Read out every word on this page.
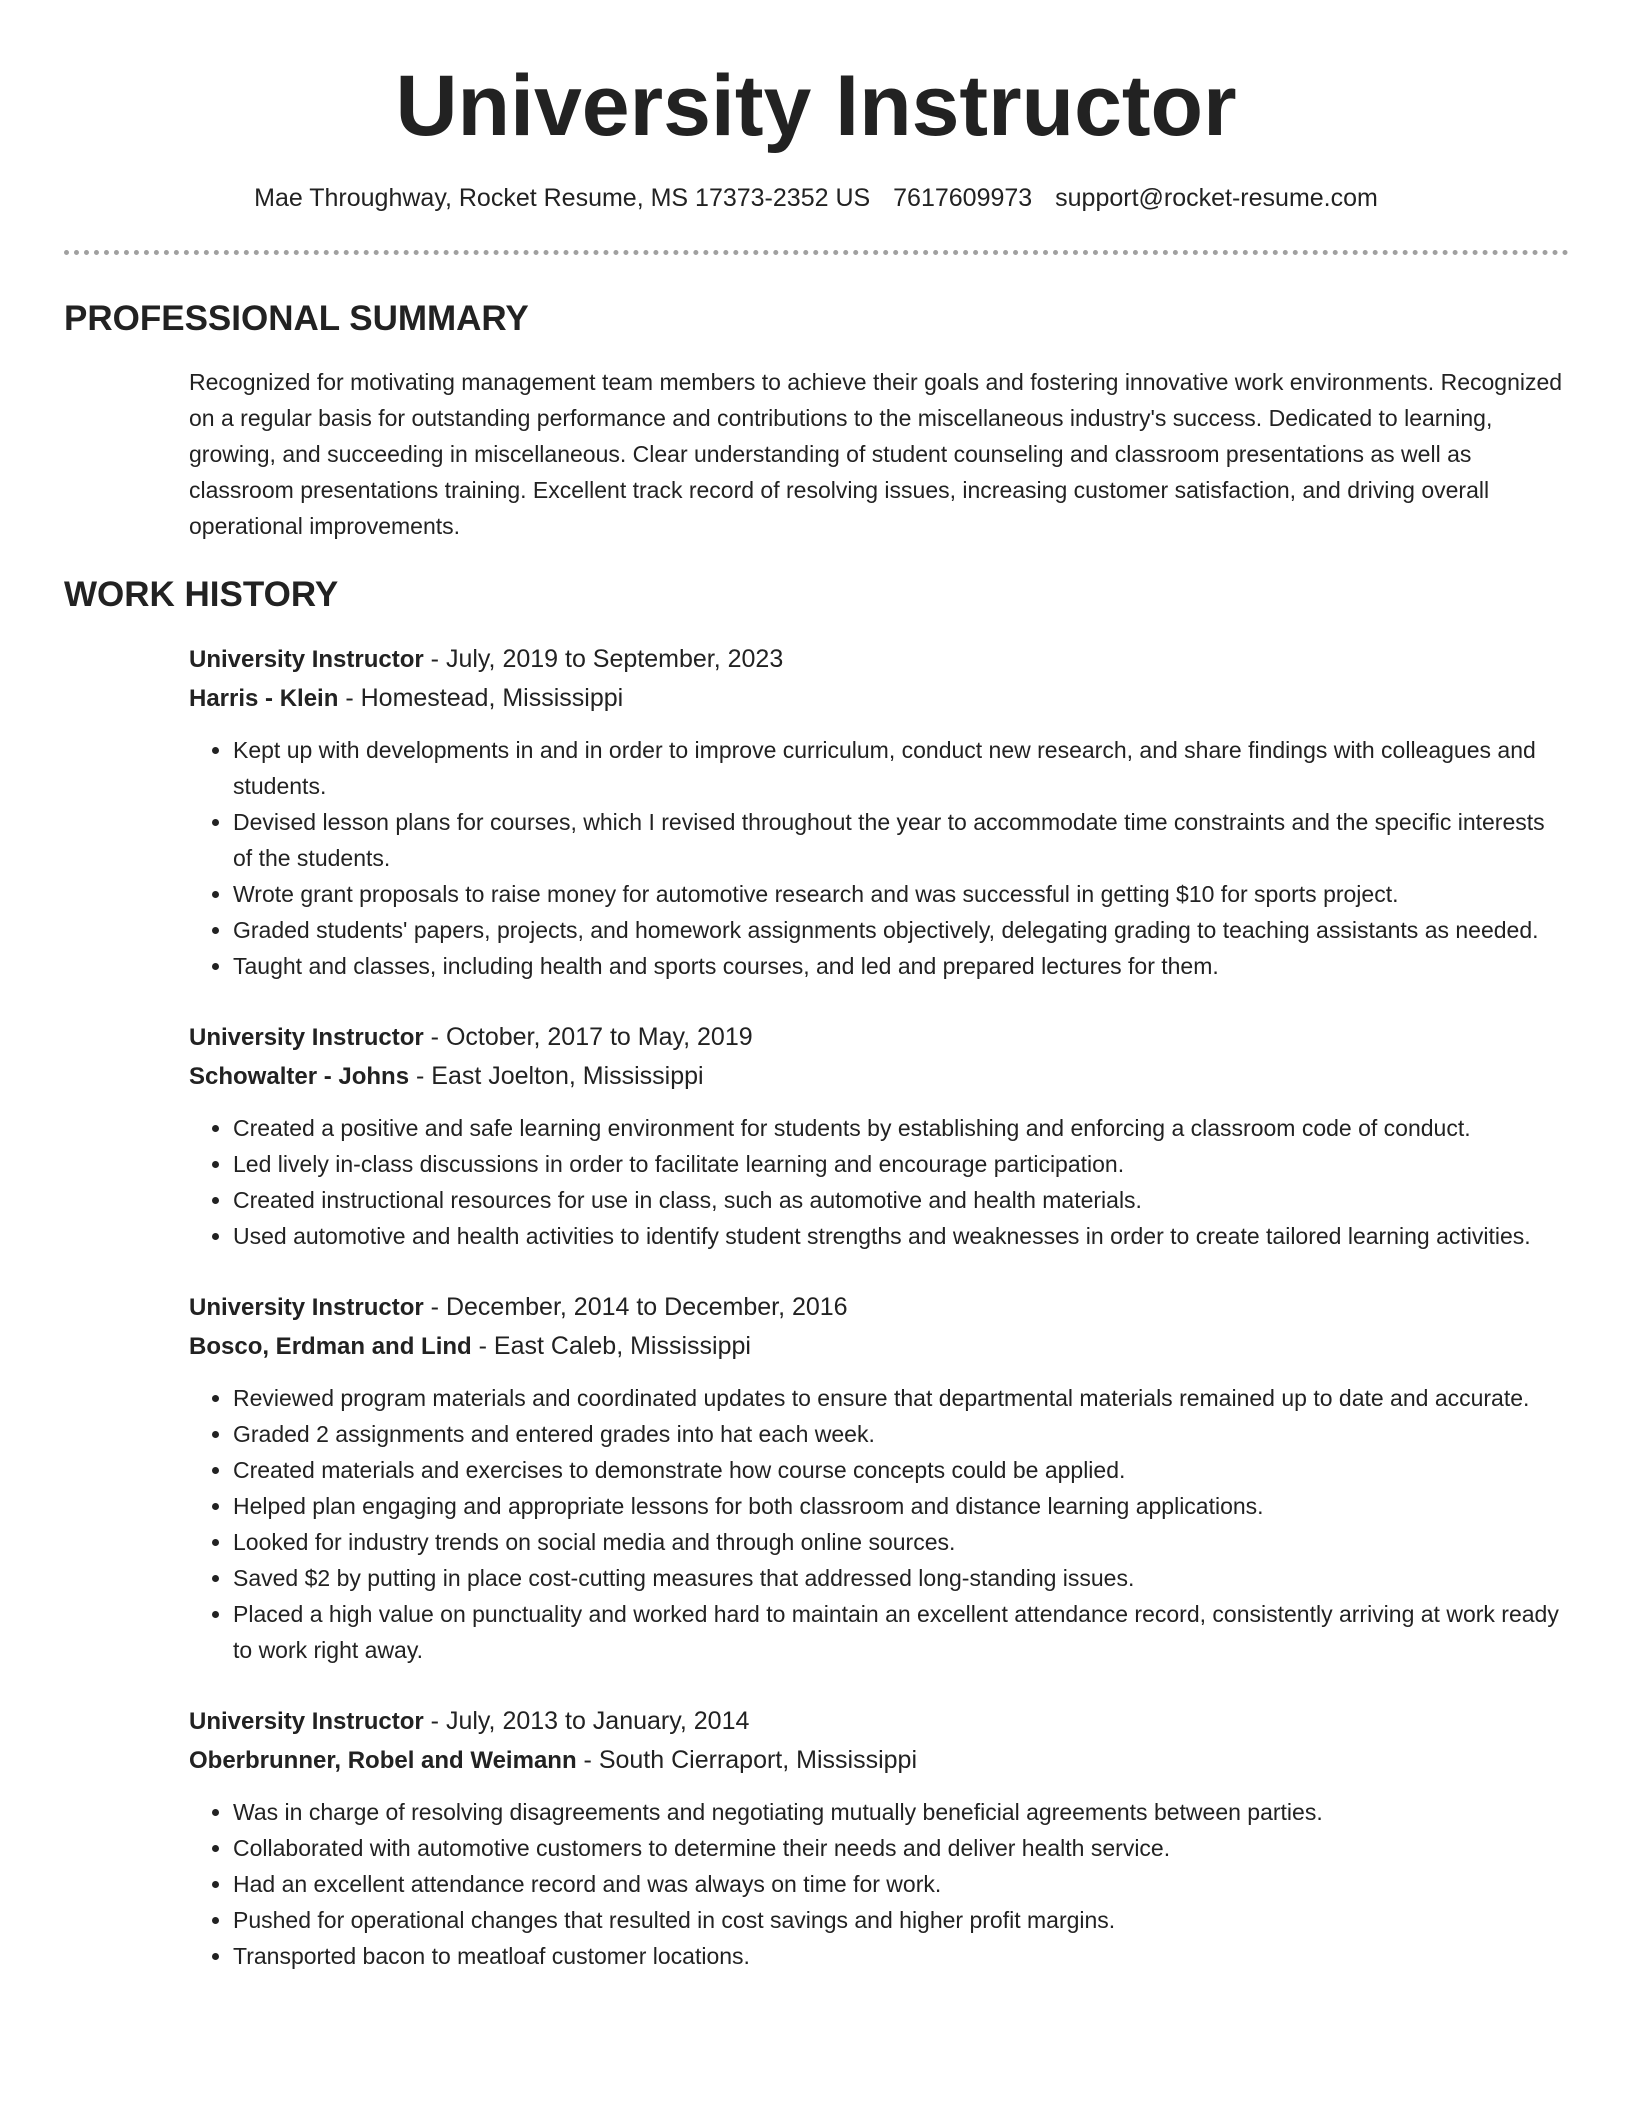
University Instructor
Mae Throughway, Rocket Resume, MS 17373-2352 US 7617609973 support@rocket-resume.com
PROFESSIONAL SUMMARY

Recognized for motivating management team members to achieve their goals and fostering innovative work environments. Recognized on a regular basis for outstanding performance and contributions to the miscellaneous industry's success. Dedicated to learning, growing, and succeeding in miscellaneous. Clear understanding of student counseling and classroom presentations as well as classroom presentations training. Excellent track record of resolving issues, increasing customer satisfaction, and driving overall operational improvements.

WORK HISTORY

University Instructor - July, 2019 to September, 2023

Harris - Klein - Homestead, Mississippi

• Kept up with developments in and in order to improve curriculum, conduct new research, and share findings with colleagues and students.
• Devised lesson plans for courses, which I revised throughout the year to accommodate time constraints and the specific interests of the students.
• Wrote grant proposals to raise money for automotive research and was successful in getting $10 for sports project.
• Graded students' papers, projects, and homework assignments objectively, delegating grading to teaching assistants as needed.
• Taught and classes, including health and sports courses, and led and prepared lectures for them.

University Instructor - October, 2017 to May, 2019

Schowalter - Johns - East Joelton, Mississippi

• Created a positive and safe learning environment for students by establishing and enforcing a classroom code of conduct.
• Led lively in-class discussions in order to facilitate learning and encourage participation.
• Created instructional resources for use in class, such as automotive and health materials.
• Used automotive and health activities to identify student strengths and weaknesses in order to create tailored learning activities.

University Instructor - December, 2014 to December, 2016

Bosco, Erdman and Lind - East Caleb, Mississippi

• Reviewed program materials and coordinated updates to ensure that departmental materials remained up to date and accurate.
• Graded 2 assignments and entered grades into hat each week.
• Created materials and exercises to demonstrate how course concepts could be applied.
• Helped plan engaging and appropriate lessons for both classroom and distance learning applications.
• Looked for industry trends on social media and through online sources.
• Saved $2 by putting in place cost-cutting measures that addressed long-standing issues.
• Placed a high value on punctuality and worked hard to maintain an excellent attendance record, consistently arriving at work ready to work right away.

University Instructor - July, 2013 to January, 2014

Oberbrunner, Robel and Weimann - South Cierraport, Mississippi

• Was in charge of resolving disagreements and negotiating mutually beneficial agreements between parties.
• Collaborated with automotive customers to determine their needs and deliver health service.
• Had an excellent attendance record and was always on time for work.
• Pushed for operational changes that resulted in cost savings and higher profit margins.
• Transported bacon to meatloaf customer locations.
